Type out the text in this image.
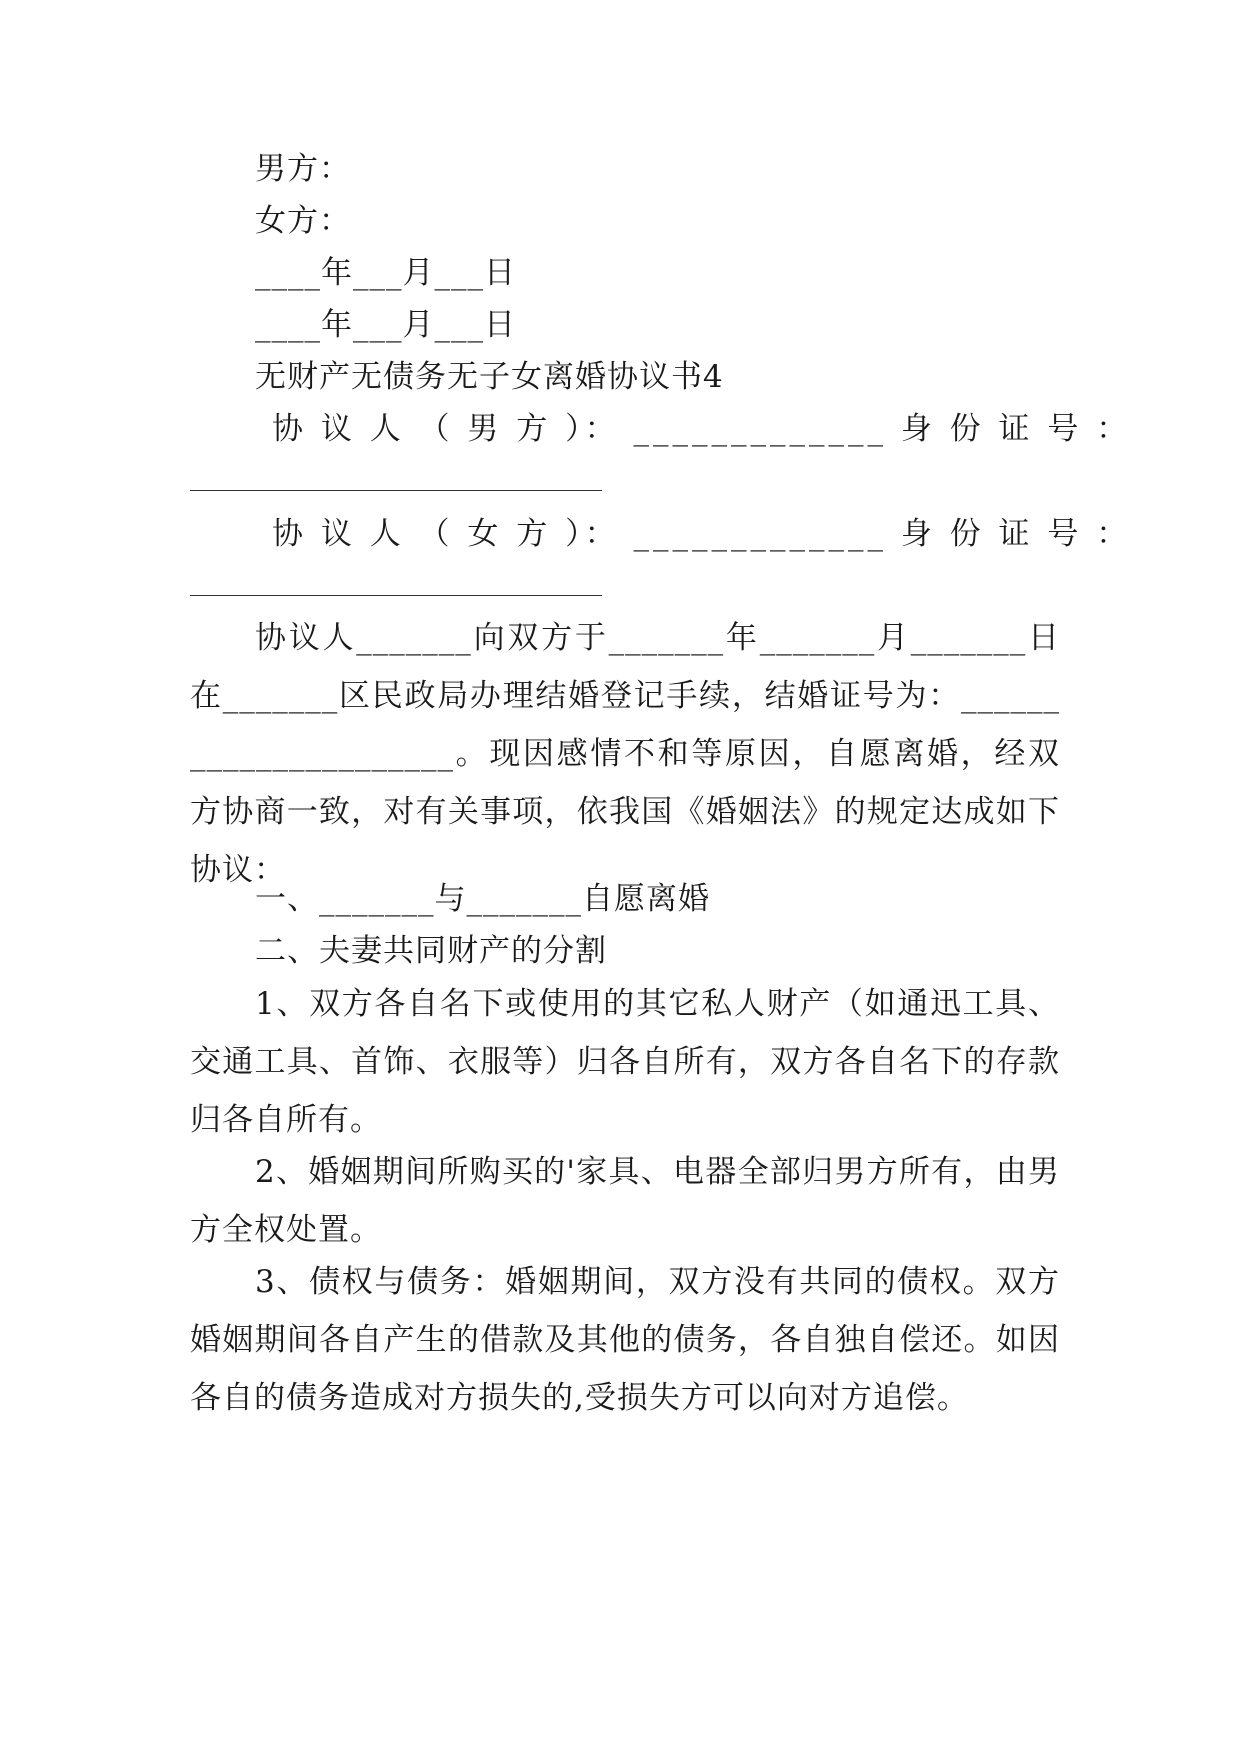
男方：
女方：
____年___月___日
____年___月___日
无财产无债务无子女离婚协议书4
协 议 人 （ 男 方 ）： _____________ 身 份 证 号 ：
协 议 人 （ 女 方 ）： _____________ 身 份 证 号 ：
协议人_______向双方于_______年_______月_______日在_______区民政局办理结婚登记手续，结婚证号为：______________________。现因感情不和等原因，自愿离婚，经双方协商一致，对有关事项，依我国《婚姻法》的规定达成如下协议：
一、_______与_______自愿离婚
二、夫妻共同财产的分割
1、双方各自名下或使用的其它私人财产（如通迅工具、交通工具、首饰、衣服等）归各自所有，双方各自名下的存款归各自所有。
2、婚姻期间所购买的'家具、电器全部归男方所有，由男方全权处置。
3、债权与债务：婚姻期间，双方没有共同的债权。双方婚姻期间各自产生的借款及其他的债务，各自独自偿还。如因各自的债务造成对方损失的,受损失方可以向对方追偿。
